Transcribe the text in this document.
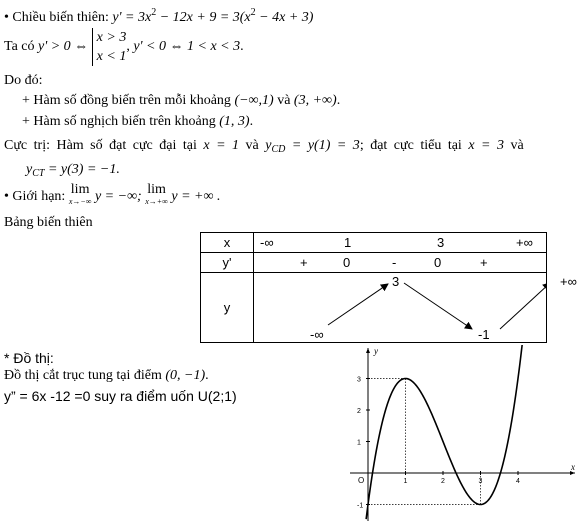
• Chiều biến thiên: $y' = 3x^2 - 12x + 9 = 3(x^2 - 4x + 3)$
Ta có y' > 0 ⇔
x > 3
x < 1
, y' < 0 ⇔ 1 < x < 3.
Do đó:
+ Hàm số đồng biến trên mỗi khoảng (−∞,1) và (3, +∞).
+ Hàm số nghịch biến trên khoảng (1, 3).
Cực trị: Hàm số đạt cực đại tại x = 1 và $y_{CD} = y(1) = 3$; đạt cực tiểu tại x = 3 và
$y_{CT} = y(3) = -1$.
• Giới hạn: lim
x→−∞ y = −∞; lim
x→+∞ y = +∞ .
Bảng biến thiên
x	-∞ 1 3 +∞

y'	+ 0 - 0 +

y	-∞
3
-1
+∞
* Đồ thị:
Đồ thị cắt trục tung tại điểm (0, −1).
y” = 6x -12 =0 suy ra điểm uốn U(2;1)
y
x
O	1	2	3	4
3
2
1
-1
